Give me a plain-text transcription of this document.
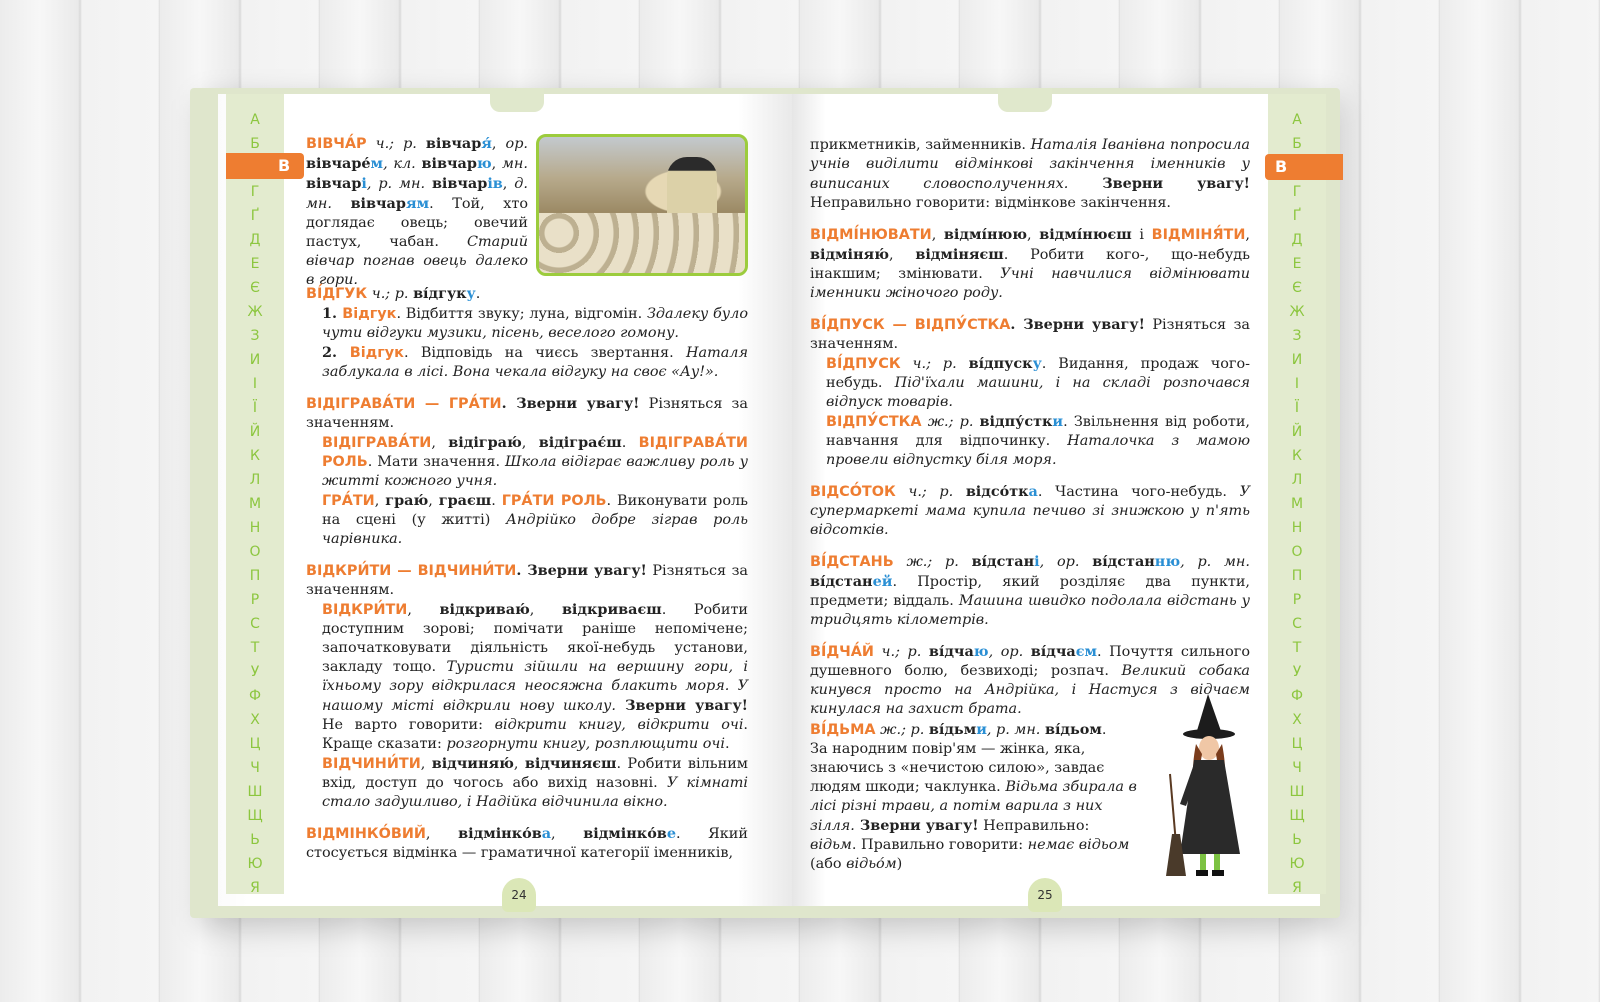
А
Б
Г
Ґ
Д
Е
Є
Ж
З
И
І
Ї
Й
К
Л
М
Н
О
П
Р
С
Т
У
Ф
Х
Ц
Ч
Ш
Щ
Ь
Ю
Я
А
Б
Г
Ґ
Д
Е
Є
Ж
З
И
І
Ї
Й
К
Л
М
Н
О
П
Р
С
Т
У
Ф
Х
Ц
Ч
Ш
Щ
Ь
Ю
Я
В	В

ВІВЧА́Р ч.; р. вівчаря́, ор. вівчаре́м, кл. вівчарю, мн. вівчарі, р. мн. вівчарів, д. мн. вівчарям. Той, хто доглядає овець; овечий пастух, чабан. Старий вівчар погнав овець далеко в гори.

ВІ́ДГУК ч.; р. ві́дгуку.

1. Відгук. Відбиття звуку; луна, відгомін. Здалеку було чути відгуки музики, пісень, веселого гомону.

2. Відгук. Відповідь на чиєсь звертання. Наталя заблукала в лісі. Вона чекала відгуку на своє «Ау!».

ВІДІГРАВА́ТИ — ГРА́ТИ. Зверни увагу! Різняться за значенням.

ВІДІГРАВА́ТИ, відіграю́, відіграє́ш. ВІДІГРАВА́ТИ РОЛЬ. Мати значення. Школа відіграє важливу роль у житті кожного учня.

ГРА́ТИ, граю́, граєш. ГРА́ТИ РОЛЬ. Виконувати роль на сцені (у житті) Андрійко добре зіграв роль чарівника.

ВІДКРИ́ТИ — ВІДЧИНИ́ТИ. Зверни увагу! Різняться за значенням.

ВІДКРИ́ТИ, відкриваю́, відкриваєш. Робити доступним зорові; помічати раніше непомічене; започатковувати діяльність якої-небудь установи, закладу тощо. Туристи зійшли на вершину гори, і їхньому зору відкрилася неосяжна блакить моря. У нашому місті відкрили нову школу. Зверни увагу! Не варто говорити: відкрити книгу, відкрити очі. Краще сказати: розгорнути книгу, розплющити очі.

ВІДЧИНИ́ТИ, відчиняю́, відчиняєш. Робити вільним вхід, доступ до чогось або вихід назовні. У кімнаті стало задушливо, і Надійка відчинила вікно.

ВІДМІНКО́ВИЙ, відмінко́ва, відмінко́ве. Який стосується відмінка — граматичної категорії іменників,

прикметників, займенників. Наталія Іванівна попросила учнів виділити відмінкові закінчення іменників у виписаних словосполученнях. Зверни увагу! Неправильно говорити: відмінкове закінчення.

ВІДМІ́НЮВАТИ, відмі́нюю, відмі́нюєш і ВІДМІНЯ́ТИ, відміняю́, відміняєш. Робити кого-, що-небудь інакшим; змінювати. Учні навчилися відмінювати іменники жіночого роду.

ВІ́ДПУСК — ВІДПУ́СТКА. Зверни увагу! Різняться за значенням.

ВІ́ДПУСК ч.; р. ві́дпуску. Видання, продаж чого-небудь. Під'їхали машини, і на складі розпочався відпуск товарів.

ВІДПУ́СТКА ж.; р. відпу́стки. Звільнення від роботи, навчання для відпочинку. Наталочка з мамою провели відпустку біля моря.

ВІДСО́ТОК ч.; р. відсо́тка. Частина чого-небудь. У супермаркеті мама купила печиво зі знижкою у п'ять відсотків.

ВІ́ДСТАНЬ ж.; р. ві́дстані, ор. ві́дстанню, р. мн. ві́дстаней. Простір, який розділяє два пункти, предмети; віддаль. Машина швидко подолала відстань у тридцять кілометрів.

ВІ́ДЧА́Й ч.; р. ві́дчаю, ор. ві́дчаєм. Почуття сильного душевного болю, безвиході; розпач. Великий собака кинувся просто на Андрійка, і Настуся з відчаєм кинулася на захист брата.

ВІ́ДЬМА ж.; р. ві́дьми, р. мн. ві́дьом.

За народним повір'ям — жінка, яка, знаючись з «нечистою силою», завдає людям шкоди; чаклунка. Відьма збирала в лісі різні трави, а потім варила з них зілля. Зверни увагу! Неправильно: відьм. Правильно говорити: немає відьом (або відьо́м)

24	25
